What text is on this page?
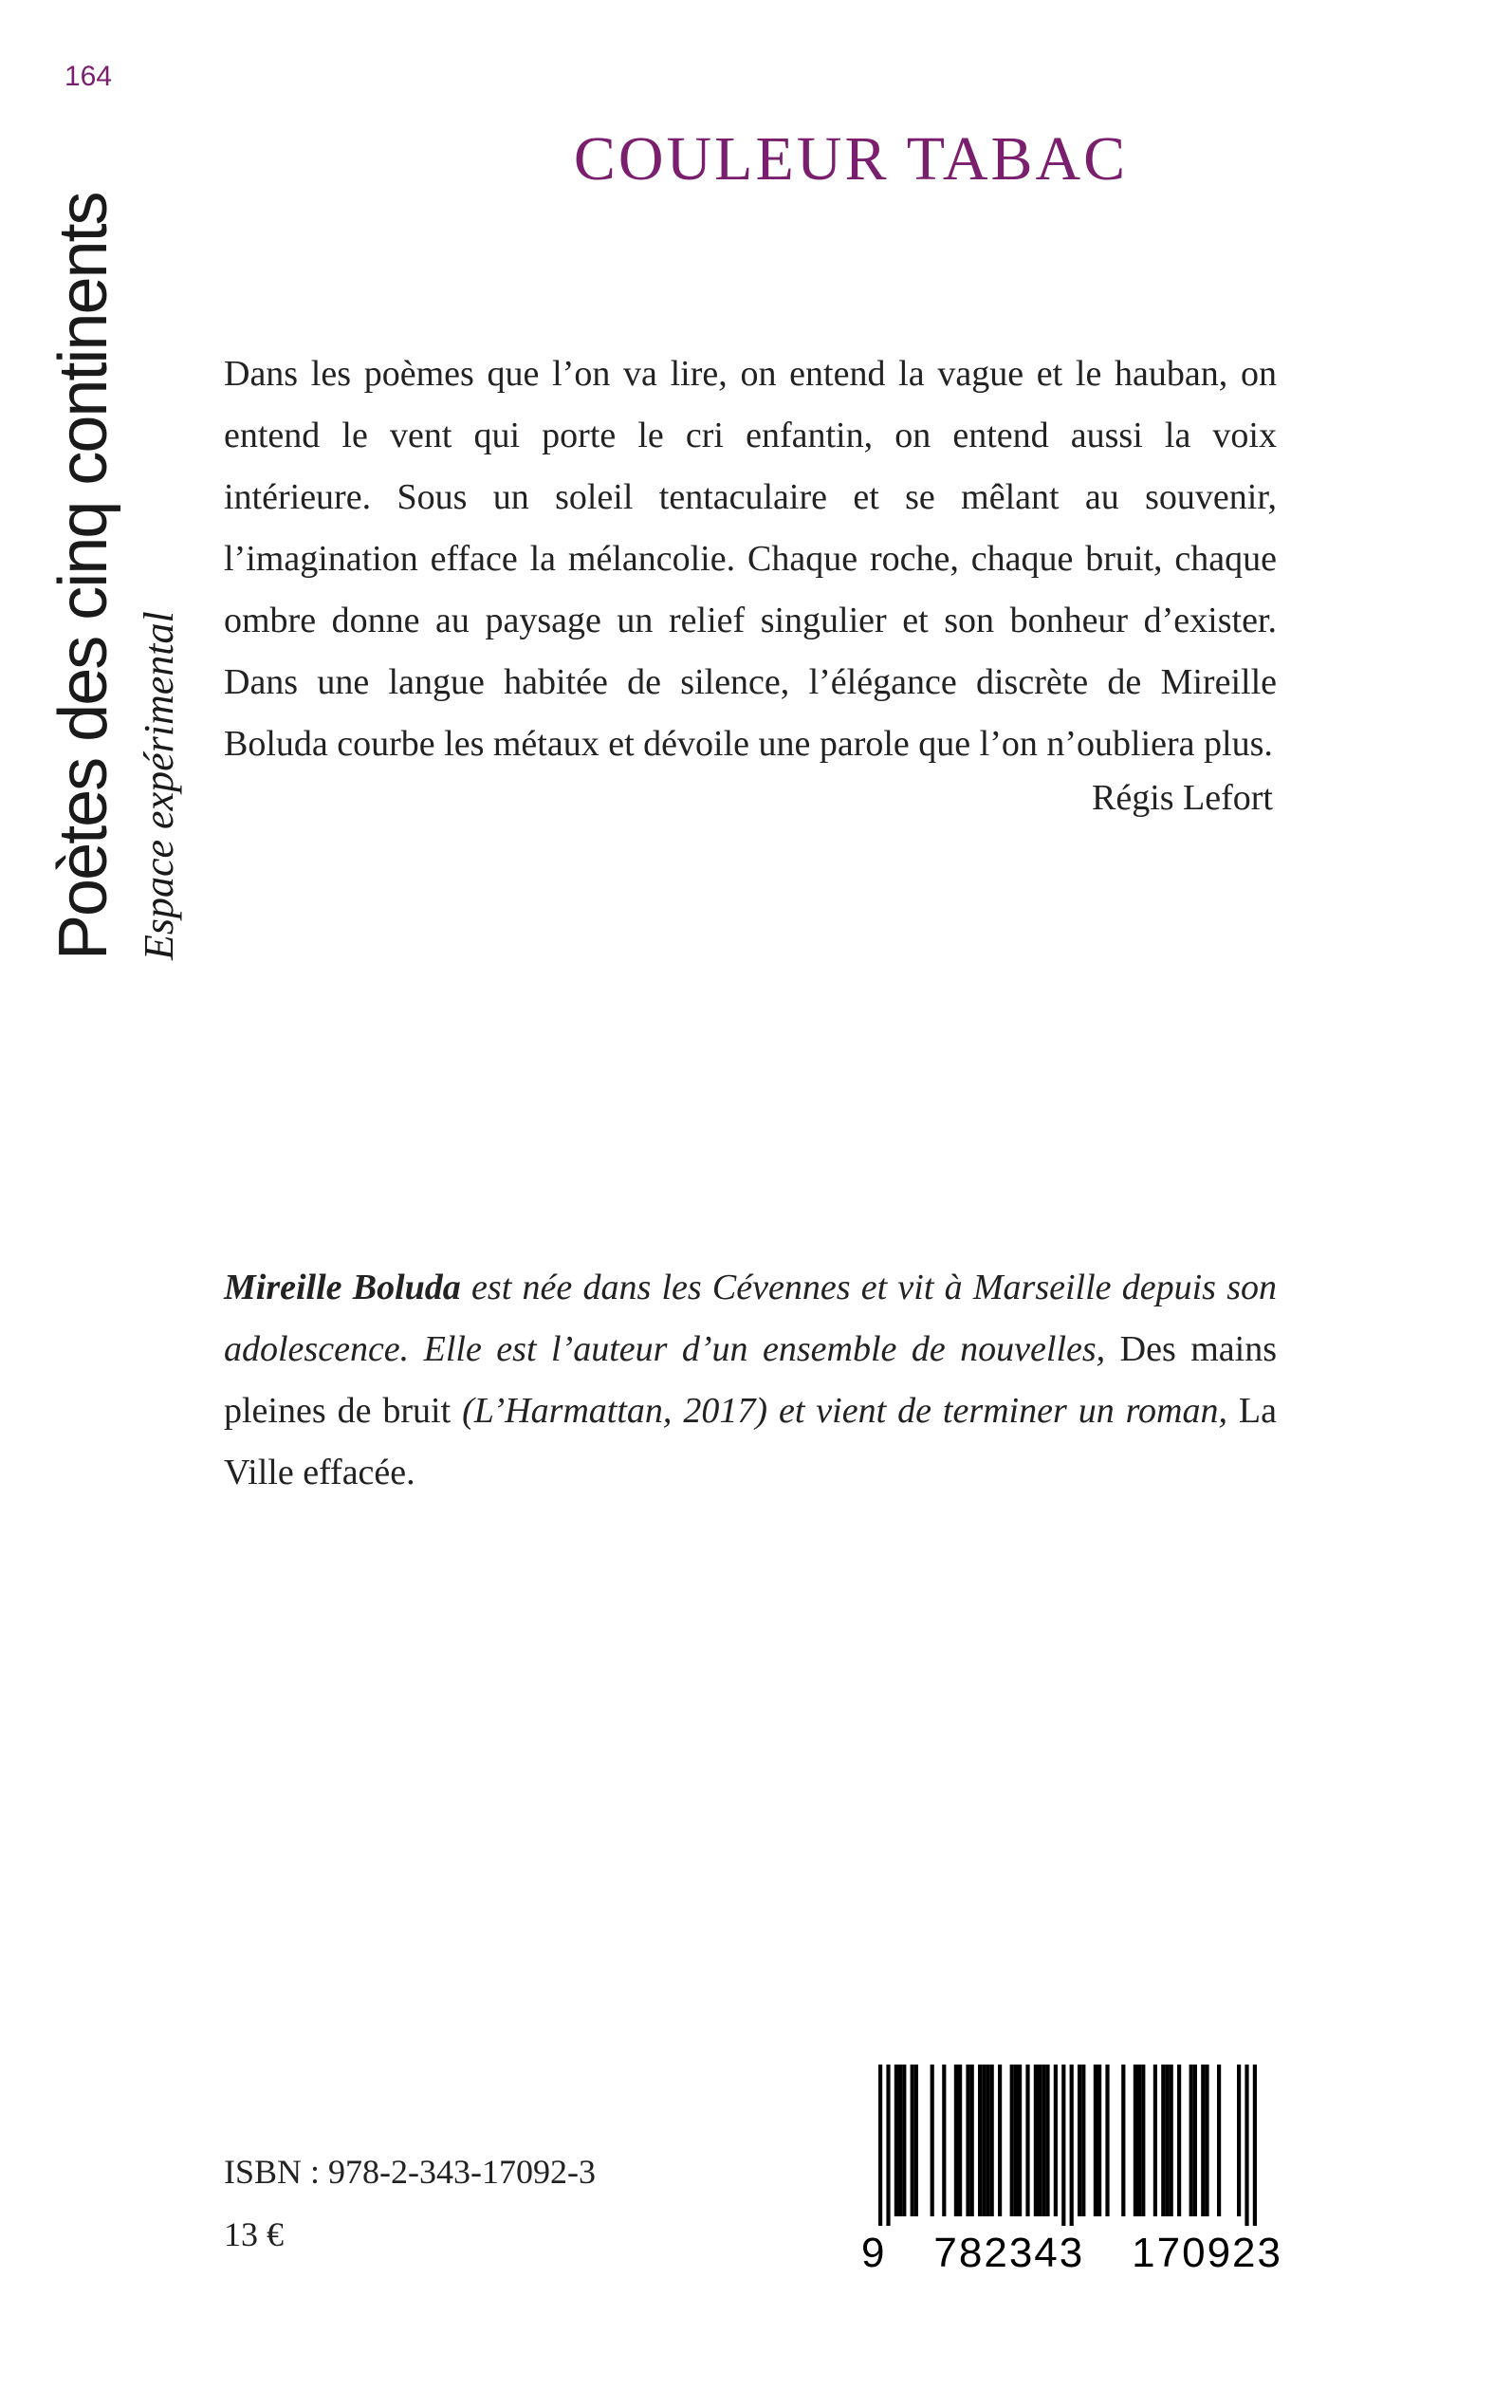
164
Poètes des cinq continents Espace expérimental
COULEUR TABAC

Dans les poèmes que l’on va lire, on entend la vague et le hauban, on entend le vent qui porte le cri enfantin, on entend aussi la voix intérieure. Sous un soleil tentaculaire et se mêlant au souvenir, l’imagination efface la mélancolie. Chaque roche, chaque bruit, chaque ombre donne au paysage un relief singulier et son bonheur d’exister. Dans une langue habitée de silence, l’élégance discrète de Mireille Boluda courbe les métaux et dévoile une parole que l’on n’oubliera plus.

Régis Lefort

Mireille Boluda est née dans les Cévennes et vit à Marseille depuis son adolescence. Elle est l’auteur d’un ensemble de nouvelles, Des mains pleines de bruit (L’Harmattan, 2017) et vient de terminer un roman, La Ville effacée.

ISBN : 978-2-343-17092-3
13 €	9 782343 170923
